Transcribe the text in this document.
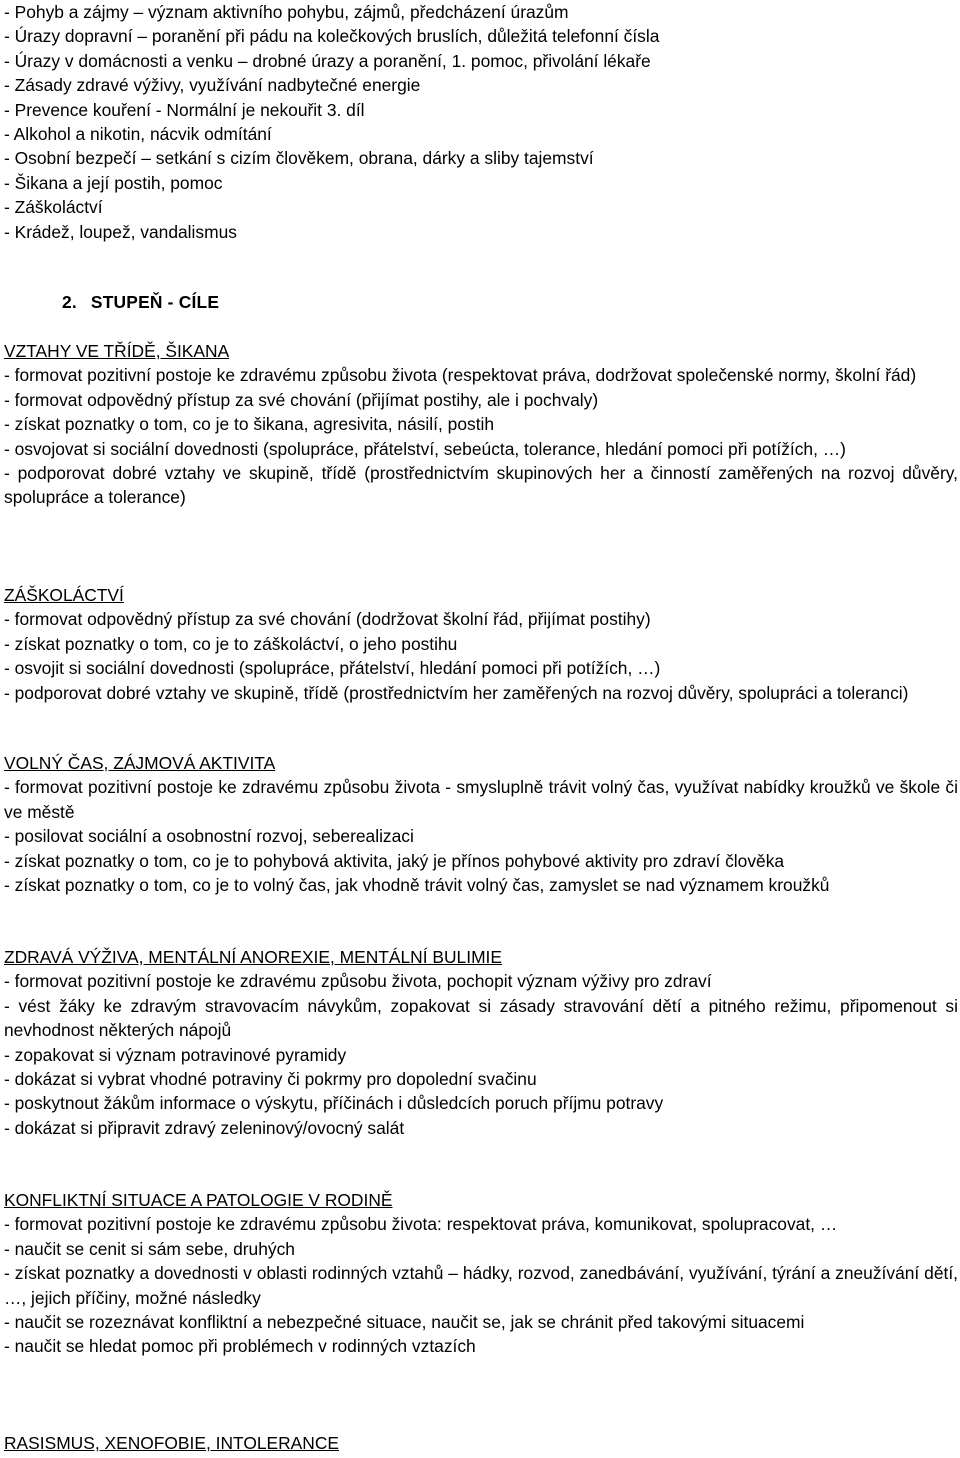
- Pohyb a zájmy – význam aktivního pohybu, zájmů, předcházení úrazům

- Úrazy dopravní – poranění při pádu na kolečkových bruslích, důležitá telefonní čísla

- Úrazy v domácnosti a venku – drobné úrazy a poranění, 1. pomoc, přivolání lékaře

- Zásady zdravé výživy, využívání nadbytečné energie

- Prevence kouření - Normální je nekouřit 3. díl

- Alkohol a nikotin, nácvik odmítání

- Osobní bezpečí – setkání s cizím člověkem, obrana, dárky a sliby tajemství

- Šikana a její postih, pomoc

- Záškoláctví

- Krádež, loupež, vandalismus

2. STUPEŇ - CÍLE

VZTAHY VE TŘÍDĚ, ŠIKANA

- formovat pozitivní postoje ke zdravému způsobu života (respektovat práva, dodržovat společenské normy, školní řád)

- formovat odpovědný přístup za své chování (přijímat postihy, ale i pochvaly)

- získat poznatky o tom, co je to šikana, agresivita, násilí, postih

- osvojovat si sociální dovednosti (spolupráce, přátelství, sebeúcta, tolerance, hledání pomoci při potížích, …)

- podporovat dobré vztahy ve skupině, třídě (prostřednictvím skupinových her a činností zaměřených na rozvoj důvěry, spolupráce a tolerance)

ZÁŠKOLÁCTVÍ

- formovat odpovědný přístup za své chování (dodržovat školní řád, přijímat postihy)

- získat poznatky o tom, co je to záškoláctví, o jeho postihu

- osvojit si sociální dovednosti (spolupráce, přátelství, hledání pomoci při potížích, …)

- podporovat dobré vztahy ve skupině, třídě (prostřednictvím her zaměřených na rozvoj důvěry, spolupráci a toleranci)

VOLNÝ ČAS, ZÁJMOVÁ AKTIVITA

- formovat pozitivní postoje ke zdravému způsobu života - smysluplně trávit volný čas, využívat nabídky kroužků ve škole či ve městě

- posilovat sociální a osobnostní rozvoj, seberealizaci

- získat poznatky o tom, co je to pohybová aktivita, jaký je přínos pohybové aktivity pro zdraví člověka

- získat poznatky o tom, co je to volný čas, jak vhodně trávit volný čas, zamyslet se nad významem kroužků

ZDRAVÁ VÝŽIVA, MENTÁLNÍ ANOREXIE, MENTÁLNÍ BULIMIE

- formovat pozitivní postoje ke zdravému způsobu života, pochopit význam výživy pro zdraví

- vést žáky ke zdravým stravovacím návykům, zopakovat si zásady stravování dětí a pitného režimu, připomenout si nevhodnost některých nápojů

- zopakovat si význam potravinové pyramidy

- dokázat si vybrat vhodné potraviny či pokrmy pro dopolední svačinu

- poskytnout žákům informace o výskytu, příčinách i důsledcích poruch příjmu potravy

- dokázat si připravit zdravý zeleninový/ovocný salát

KONFLIKTNÍ SITUACE A PATOLOGIE V RODINĚ

- formovat pozitivní postoje ke zdravému způsobu života: respektovat práva, komunikovat, spolupracovat, …

- naučit se cenit si sám sebe, druhých

- získat poznatky a dovednosti v oblasti rodinných vztahů – hádky, rozvod, zanedbávání, využívání, týrání a zneužívání dětí, …, jejich příčiny, možné následky

- naučit se rozeznávat konfliktní a nebezpečné situace, naučit se, jak se chránit před takovými situacemi

- naučit se hledat pomoc při problémech v rodinných vztazích

RASISMUS, XENOFOBIE, INTOLERANCE
